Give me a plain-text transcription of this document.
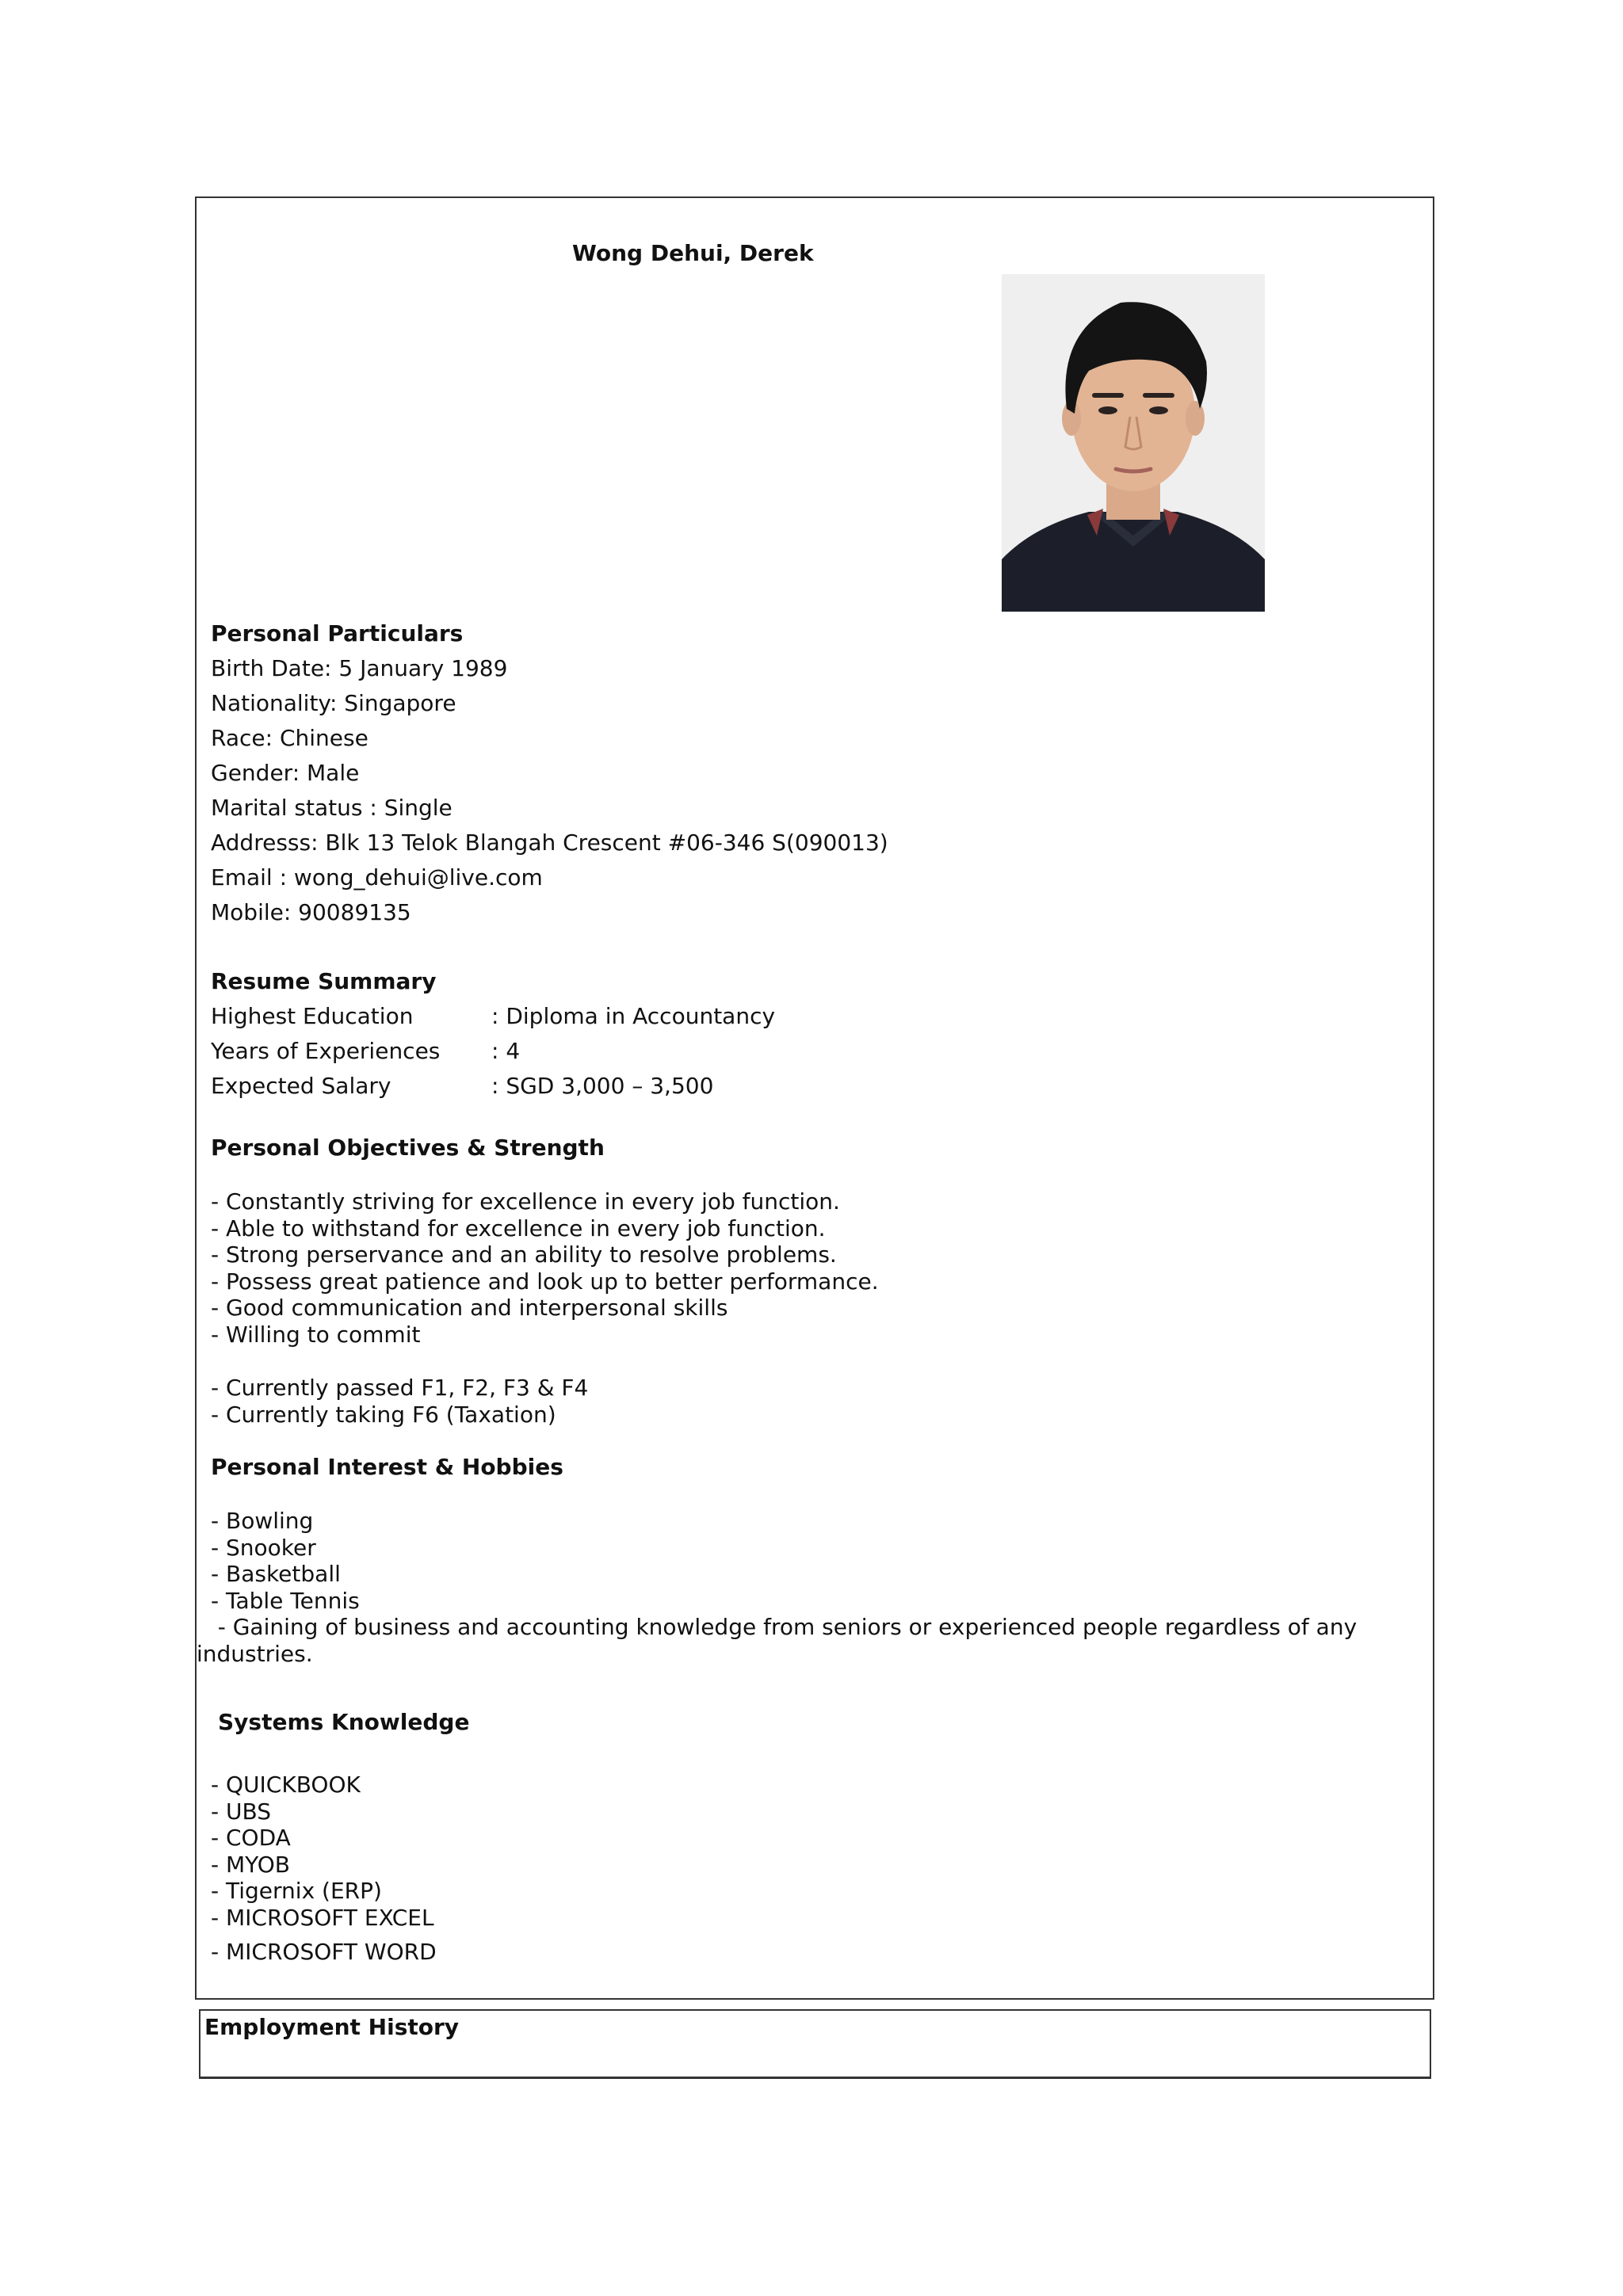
Wong Dehui, Derek
Personal Particulars
Birth Date: 5 January 1989
Nationality: Singapore
Race: Chinese
Gender: Male
Marital status : Single
Addresss: Blk 13 Telok Blangah Crescent #06-346 S(090013)
Email : wong_dehui@live.com
Mobile: 90089135
Resume Summary
Highest Education	: Diploma in Accountancy
Years of Experiences : 4
Expected Salary	: SGD 3,000 – 3,500
Personal Objectives & Strength
- Constantly striving for excellence in every job function.
- Able to withstand for excellence in every job function.
- Strong perservance and an ability to resolve problems.
- Possess great patience and look up to better performance.
- Good communication and interpersonal skills
- Willing to commit
- Currently passed F1, F2, F3 & F4
- Currently taking F6 (Taxation)
Personal Interest & Hobbies
- Bowling
- Snooker
- Basketball
- Table Tennis
- Gaining of business and accounting knowledge from seniors or experienced people regardless of any industries.
Systems Knowledge
- QUICKBOOK
- UBS
- CODA
- MYOB
- Tigernix (ERP)
- MICROSOFT EXCEL
- MICROSOFT WORD
Employment History
